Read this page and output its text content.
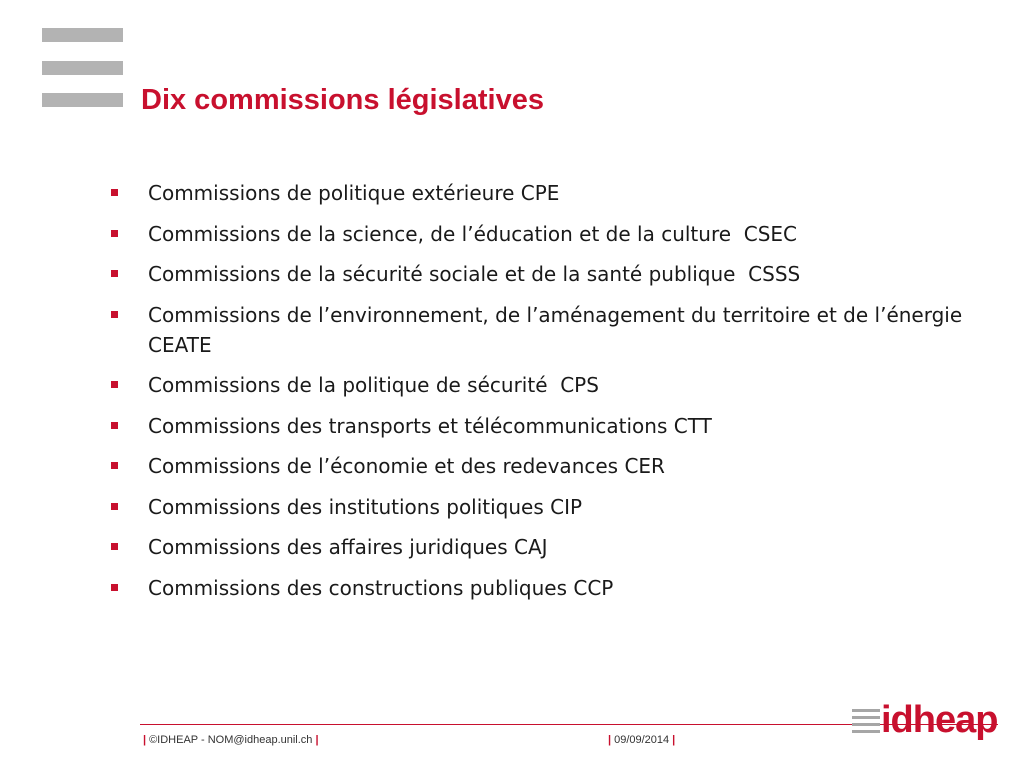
Dix commissions législatives
Commissions de politique extérieure CPE
Commissions de la science, de l’éducation et de la culture  CSEC
Commissions de la sécurité sociale et de la santé publique  CSSS
Commissions de l’environnement, de l’aménagement du territoire et de l’énergie  CEATE
Commissions de la politique de sécurité  CPS
Commissions des transports et télécommunications CTT
Commissions de l’économie et des redevances CER
Commissions des institutions politiques CIP
Commissions des affaires juridiques CAJ
Commissions des constructions publiques CCP
| ©IDHEAP - NOM@idheap.unil.ch |	| 09/09/2014 |	idheap
